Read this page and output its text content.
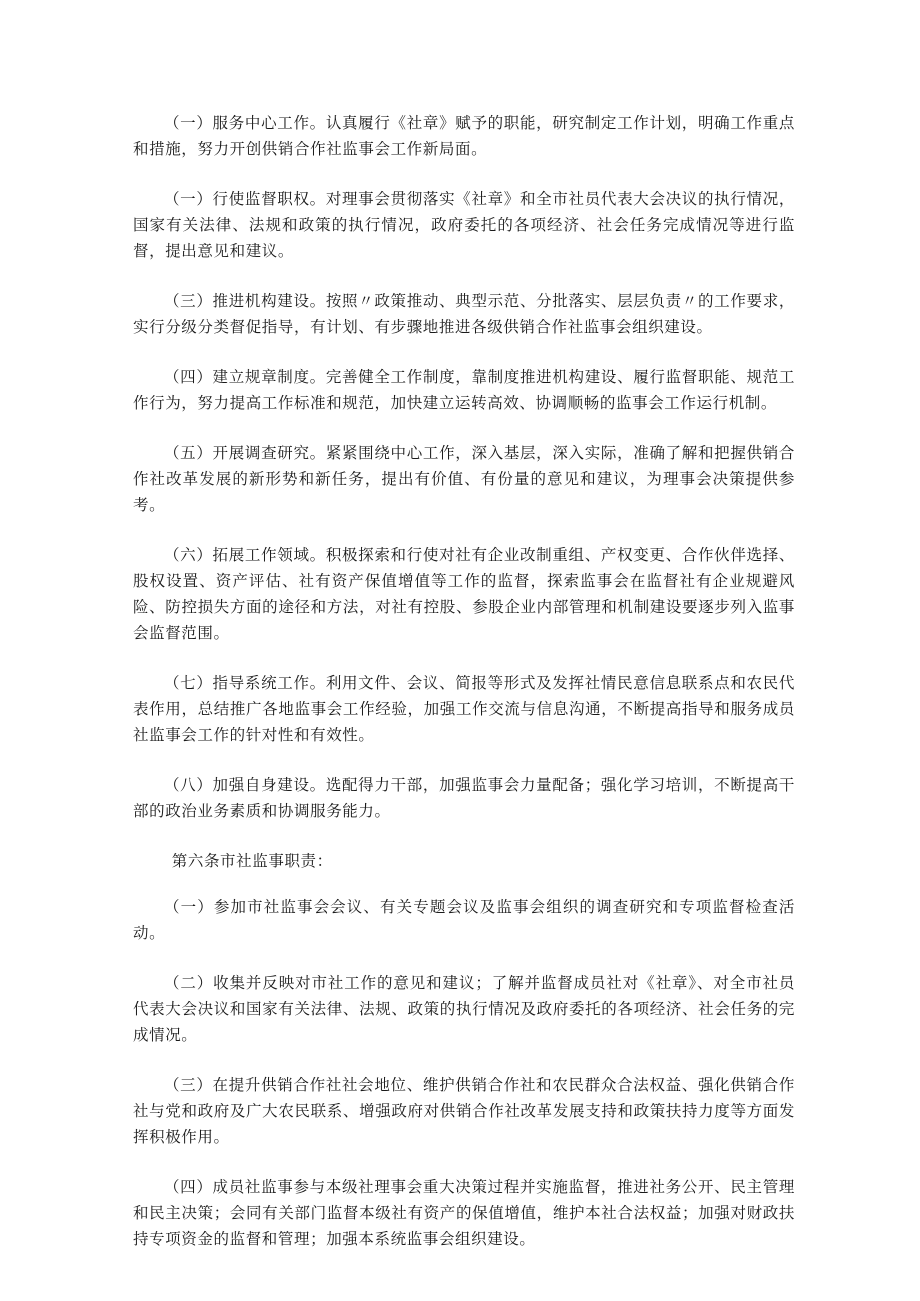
（一）服务中心工作。认真履行《社章》赋予的职能，研究制定工作计划，明确工作重点和措施，努力开创供销合作社监事会工作新局面。

（一）行使监督职权。对理事会贯彻落实《社章》和全市社员代表大会决议的执行情况，国家有关法律、法规和政策的执行情况，政府委托的各项经济、社会任务完成情况等进行监督，提出意见和建议。

（三）推进机构建设。按照〃政策推动、典型示范、分批落实、层层负责〃的工作要求，实行分级分类督促指导，有计划、有步骤地推进各级供销合作社监事会组织建设。

（四）建立规章制度。完善健全工作制度，靠制度推进机构建设、履行监督职能、规范工作行为，努力提高工作标准和规范，加快建立运转高效、协调顺畅的监事会工作运行机制。

（五）开展调查研究。紧紧围绕中心工作，深入基层，深入实际，准确了解和把握供销合作社改革发展的新形势和新任务，提出有价值、有份量的意见和建议，为理事会决策提供参考。

（六）拓展工作领域。积极探索和行使对社有企业改制重组、产权变更、合作伙伴选择、股权设置、资产评估、社有资产保值增值等工作的监督，探索监事会在监督社有企业规避风险、防控损失方面的途径和方法，对社有控股、参股企业内部管理和机制建设要逐步列入监事会监督范围。

（七）指导系统工作。利用文件、会议、简报等形式及发挥社情民意信息联系点和农民代表作用，总结推广各地监事会工作经验，加强工作交流与信息沟通，不断提高指导和服务成员社监事会工作的针对性和有效性。

（八）加强自身建设。选配得力干部，加强监事会力量配备；强化学习培训，不断提高干部的政治业务素质和协调服务能力。

第六条市社监事职责：

（一）参加市社监事会会议、有关专题会议及监事会组织的调查研究和专项监督检查活动。

（二）收集并反映对市社工作的意见和建议；了解并监督成员社对《社章》、对全市社员代表大会决议和国家有关法律、法规、政策的执行情况及政府委托的各项经济、社会任务的完成情况。

（三）在提升供销合作社社会地位、维护供销合作社和农民群众合法权益、强化供销合作社与党和政府及广大农民联系、增强政府对供销合作社改革发展支持和政策扶持力度等方面发挥积极作用。

（四）成员社监事参与本级社理事会重大决策过程并实施监督，推进社务公开、民主管理和民主决策；会同有关部门监督本级社有资产的保值增值，维护本社合法权益；加强对财政扶持专项资金的监督和管理；加强本系统监事会组织建设。
